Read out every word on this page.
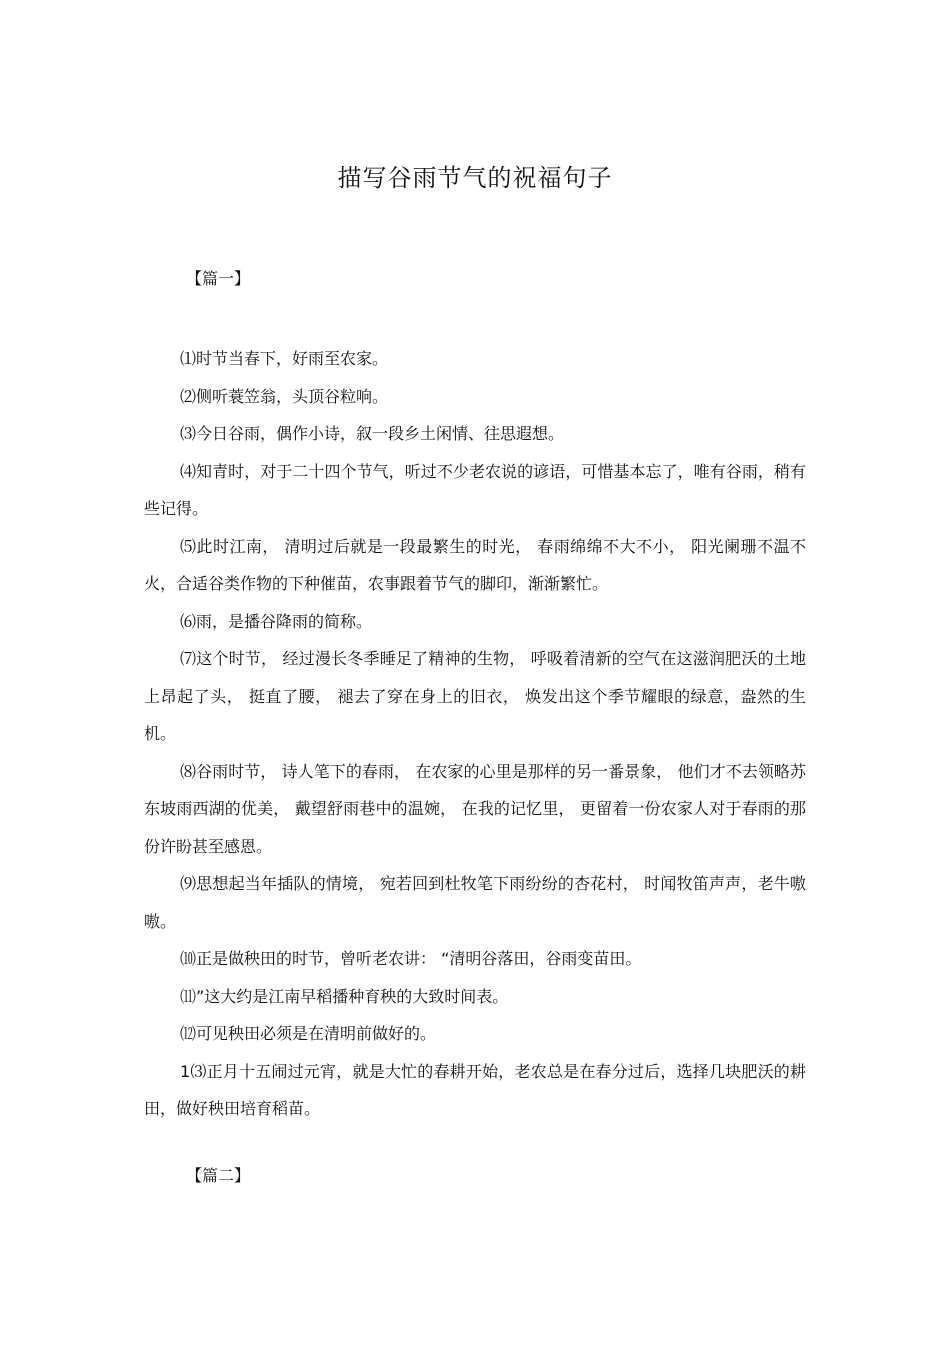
描写谷雨节气的祝福句子
【篇一】

⑴时节当春下，好雨至农家。

⑵侧听蓑笠翁，头顶谷粒响。

⑶今日谷雨，偶作小诗，叙一段乡土闲情、往思遐想。

⑷知青时，对于二十四个节气，听过不少老农说的谚语，可惜基本忘了，唯有谷雨，稍有些记得。

⑸此时江南， 清明过后就是一段最繁生的时光， 春雨绵绵不大不小， 阳光阑珊不温不火，合适谷类作物的下种催苗，农事跟着节气的脚印，渐渐繁忙。

⑹雨，是播谷降雨的简称。

⑺这个时节， 经过漫长冬季睡足了精神的生物， 呼吸着清新的空气在这滋润肥沃的土地上昂起了头， 挺直了腰， 褪去了穿在身上的旧衣， 焕发出这个季节耀眼的绿意，盎然的生机。

⑻谷雨时节， 诗人笔下的春雨， 在农家的心里是那样的另一番景象， 他们才不去领略苏东坡雨西湖的优美， 戴望舒雨巷中的温婉， 在我的记忆里， 更留着一份农家人对于春雨的那份许盼甚至感恩。

⑼思想起当年插队的情境， 宛若回到杜牧笔下雨纷纷的杏花村， 时闻牧笛声声，老牛嗷嗷。

⑽正是做秧田的时节，曾听老农讲： “清明谷落田，谷雨变苗田。

⑾”这大约是江南早稻播种育秧的大致时间表。

⑿可见秧田必须是在清明前做好的。

1⑶正月十五闹过元宵，就是大忙的春耕开始，老农总是在春分过后，选择几块肥沃的耕田，做好秧田培育稻苗。

【篇二】
